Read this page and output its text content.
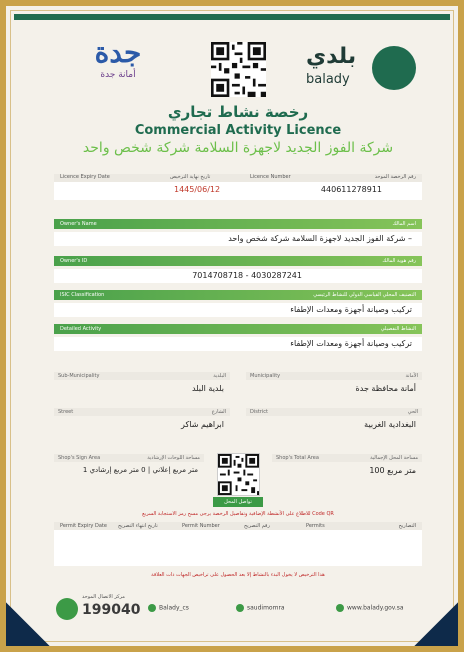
جدة
أمانة جدة
بلدي
balady
رخصة نشاط تجاري
Commercial Activity Licence
شركة الفوز الجديد لاجهزة السلامة شركة شخص واحد
Licence Expiry Date	تاريخ نهاية الترخيص	Licence Number	رقم الرخصة الموحد
1445/06/12	440611278911
Owner's Name	اسم المالك
شركة الفوز الجديد لاجهزة السلامة شركة شخص واحد –
Owner's ID	رقم هوية المالك
7014708718 - 4030287241
ISIC Classification	التصنيف المحلي القياسي الدولي للنشاط الرئيسي
تركيب وصيانة أجهزة ومعدات الإطفاء
Detailed Activity	النشاط التفصيلي
تركيب وصيانة أجهزة ومعدات الإطفاء
Sub-Municipality	البلدية
بلدية البلد
Municipality	الأمانة
أمانة محافظة جدة
Street	الشارع
ابراهيم شاكر
District	الحي
البغدادية الغربية
Shop's Sign Area	مساحة اللوحات الإرشادية
1 متر مربع إعلاني | 0 متر مربع إرشادي
Shop's Total Area	مساحة المحل الإجمالية
100 متر مربع
تواصل المحل
للاطلاع على الأنشطة الإضافية وتفاصيل الرخصة يرجى مسح رمز الاستجابة السريع Code QR
Permit Expiry Date تاريخ انتهاء التصريح	Permit Number	رقم التصريح	Permits	التصاريح
هذا الترخيص لا يخول البدء بالنشاط إلا بعد الحصول على تراخيص الجهات ذات العلاقة
مركز الاتصال الموحد
199040	Balady_cs	saudimomra	www.balady.gov.sa
